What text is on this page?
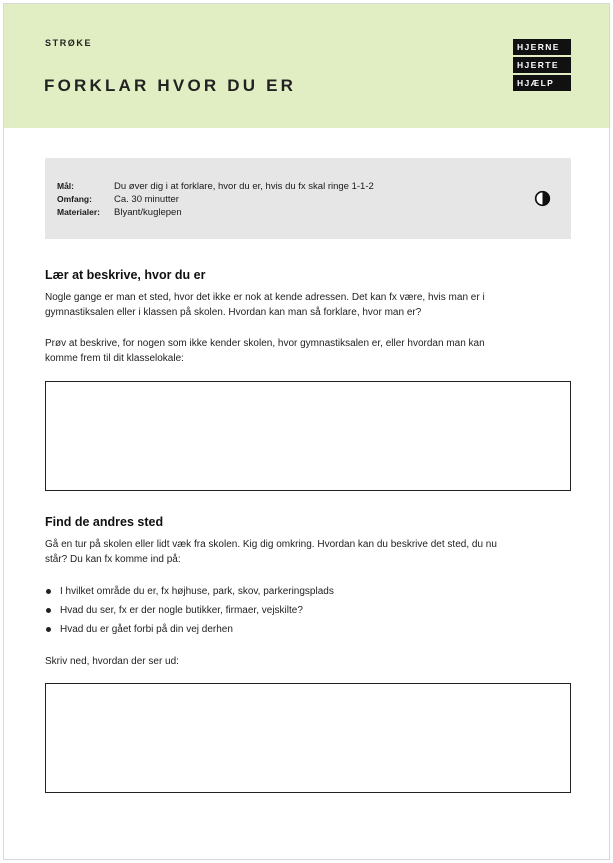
STRØKE
FORKLAR HVOR DU ER
HJERNE
HJERTE
HJÆLP
Mål:	Du øver dig i at forklare, hvor du er, hvis du fx skal ringe 1-1-2
Omfang:	Ca. 30 minutter
Materialer:	Blyant/kuglepen
Lær at beskrive, hvor du er
Nogle gange er man et sted, hvor det ikke er nok at kende adressen. Det kan fx være, hvis man er i
gymnastiksalen eller i klassen på skolen. Hvordan kan man så forklare, hvor man er?
Prøv at beskrive, for nogen som ikke kender skolen, hvor gymnastiksalen er, eller hvordan man kan
komme frem til dit klasselokale:
Find de andres sted
Gå en tur på skolen eller lidt væk fra skolen. Kig dig omkring. Hvordan kan du beskrive det sted, du nu
står? Du kan fx komme ind på:
I hvilket område du er, fx højhuse, park, skov, parkeringsplads
Hvad du ser, fx er der nogle butikker, firmaer, vejskilte?
Hvad du er gået forbi på din vej derhen
Skriv ned, hvordan der ser ud:
